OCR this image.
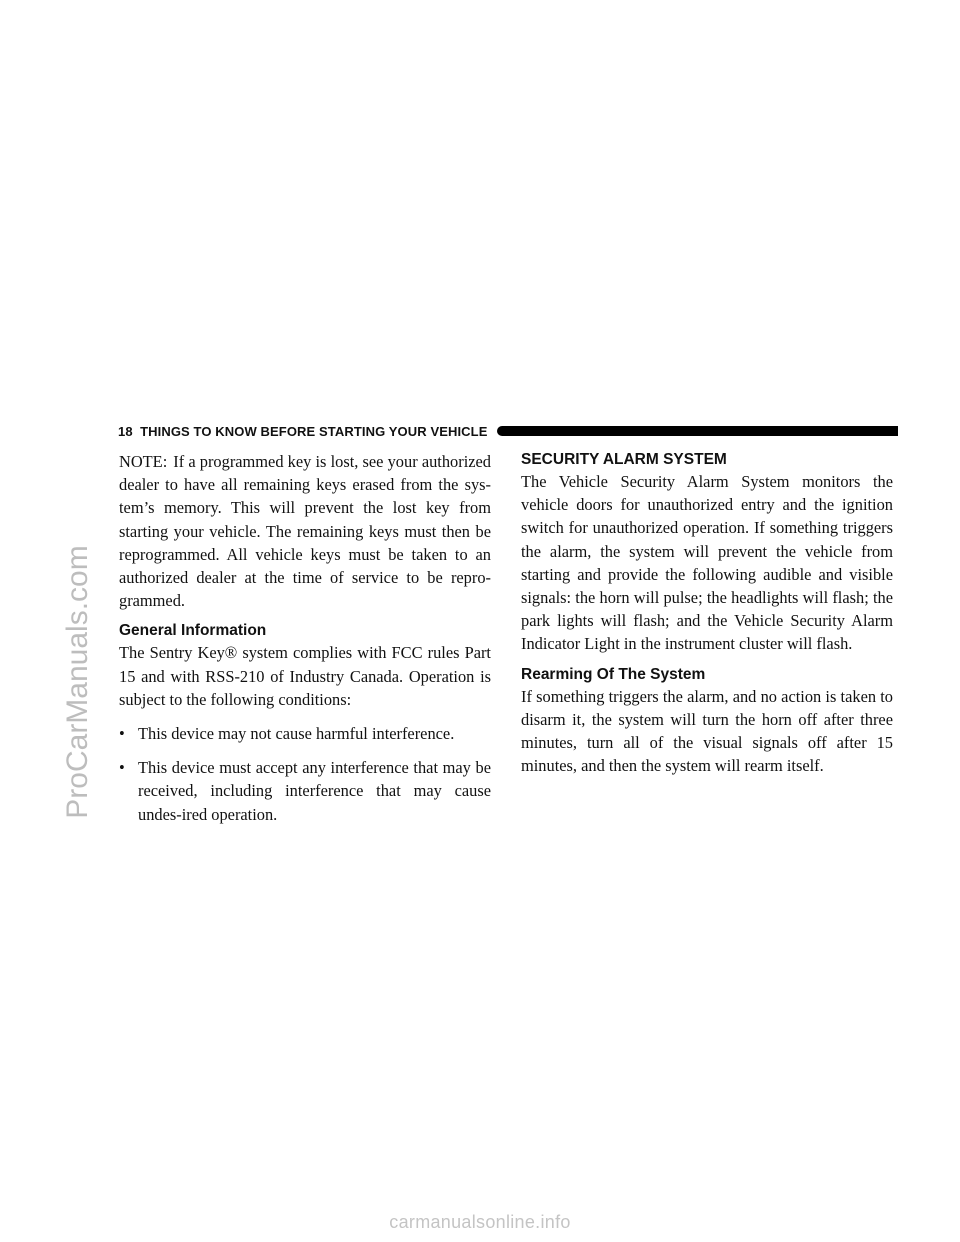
ProCarManuals.com
18 THINGS TO KNOW BEFORE STARTING YOUR VEHICLE

NOTE: If a programmed key is lost, see your authorized dealer to have all remaining keys erased from the sys-tem’s memory. This will prevent the lost key from starting your vehicle. The remaining keys must then be reprogrammed. All vehicle keys must be taken to an authorized dealer at the time of service to be repro-grammed.

General Information

The Sentry Key® system complies with FCC rules Part 15 and with RSS-210 of Industry Canada. Operation is subject to the following conditions:

• This device may not cause harmful interference.
• This device must accept any interference that may be received, including interference that may cause undes-ired operation.
SECURITY ALARM SYSTEM

The Vehicle Security Alarm System monitors the vehicle doors for unauthorized entry and the ignition switch for unauthorized operation. If something triggers the alarm, the system will prevent the vehicle from starting and provide the following audible and visible signals: the horn will pulse; the headlights will flash; the park lights will flash; and the Vehicle Security Alarm Indicator Light in the instrument cluster will flash.

Rearming Of The System

If something triggers the alarm, and no action is taken to disarm it, the system will turn the horn off after three minutes, turn all of the visual signals off after 15 minutes, and then the system will rearm itself.

carmanualsonline.info
